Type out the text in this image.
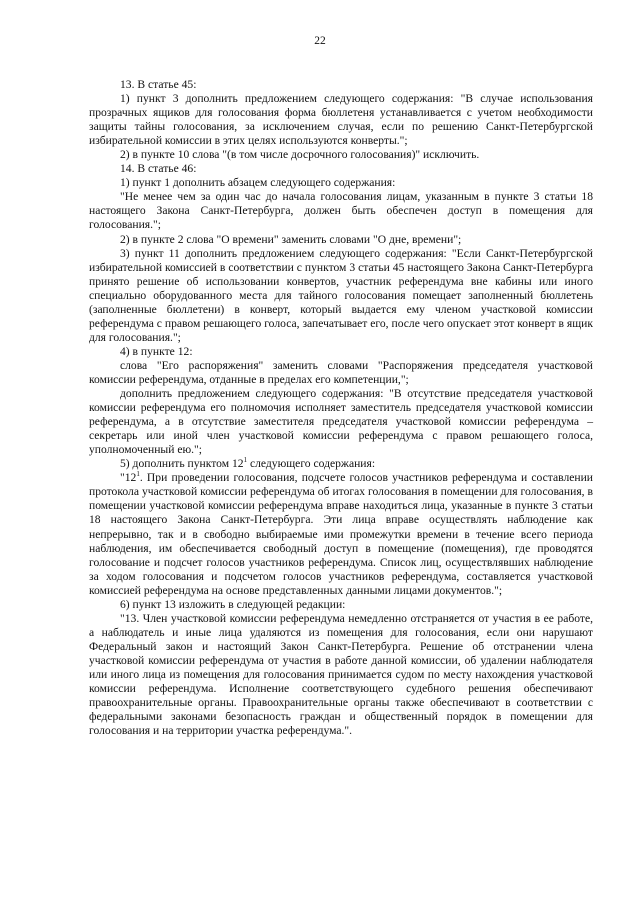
22

13. В статье 45:

1) пункт 3 дополнить предложением следующего содержания: "В случае использования прозрачных ящиков для голосования форма бюллетеня устанавливается с учетом необходимости защиты тайны голосования, за исключением случая, если по решению Санкт-Петербургской избирательной комиссии в этих целях используются конверты.";

2) в пункте 10 слова "(в том числе досрочного голосования)" исключить.

14. В статье 46:

1) пункт 1 дополнить абзацем следующего содержания:

"Не менее чем за один час до начала голосования лицам, указанным в пункте 3 статьи 18 настоящего Закона Санкт-Петербурга, должен быть обеспечен доступ в помещения для голосования.";

2) в пункте 2 слова "О времени" заменить словами "О дне, времени";

3) пункт 11 дополнить предложением следующего содержания: "Если Санкт-Петербургской избирательной комиссией в соответствии с пунктом 3 статьи 45 настоящего Закона Санкт-Петербурга принято решение об использовании конвертов, участник референдума вне кабины или иного специально оборудованного места для тайного голосования помещает заполненный бюллетень (заполненные бюллетени) в конверт, который выдается ему членом участковой комиссии референдума с правом решающего голоса, запечатывает его, после чего опускает этот конверт в ящик для голосования.";

4) в пункте 12:

слова "Его распоряжения" заменить словами "Распоряжения председателя участковой комиссии референдума, отданные в пределах его компетенции,";

дополнить предложением следующего содержания: "В отсутствие председателя участковой комиссии референдума его полномочия исполняет заместитель председателя участковой комиссии референдума, а в отсутствие заместителя председателя участковой комиссии референдума – секретарь или иной член участковой комиссии референдума с правом решающего голоса, уполномоченный ею.";

5) дополнить пунктом $12^1$ следующего содержания:

"$12^1$. При проведении голосования, подсчете голосов участников референдума и составлении протокола участковой комиссии референдума об итогах голосования в помещении для голосования, в помещении участковой комиссии референдума вправе находиться лица, указанные в пункте 3 статьи 18 настоящего Закона Санкт-Петербурга. Эти лица вправе осуществлять наблюдение как непрерывно, так и в свободно выбираемые ими промежутки времени в течение всего периода наблюдения, им обеспечивается свободный доступ в помещение (помещения), где проводятся голосование и подсчет голосов участников референдума. Список лиц, осуществлявших наблюдение за ходом голосования и подсчетом голосов участников референдума, составляется участковой комиссией референдума на основе представленных данными лицами документов.";

6) пункт 13 изложить в следующей редакции:

"13. Член участковой комиссии референдума немедленно отстраняется от участия в ее работе, а наблюдатель и иные лица удаляются из помещения для голосования, если они нарушают Федеральный закон и настоящий Закон Санкт-Петербурга. Решение об отстранении члена участковой комиссии референдума от участия в работе данной комиссии, об удалении наблюдателя или иного лица из помещения для голосования принимается судом по месту нахождения участковой комиссии референдума. Исполнение соответствующего судебного решения обеспечивают правоохранительные органы. Правоохранительные органы также обеспечивают в соответствии с федеральными законами безопасность граждан и общественный порядок в помещении для голосования и на территории участка референдума.".
